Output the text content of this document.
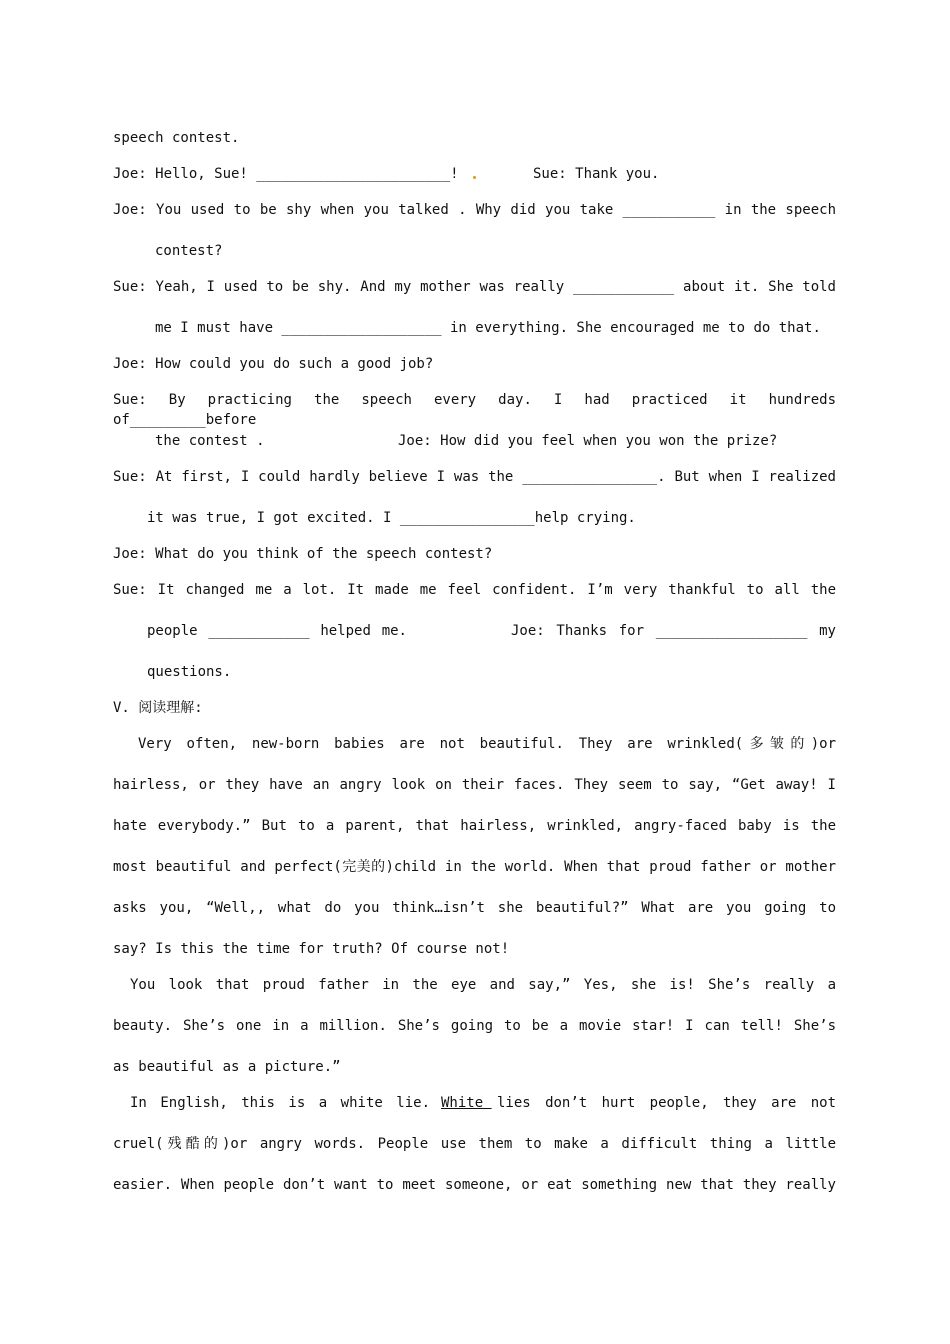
speech contest.
Joe: Hello, Sue! _______________________!	Sue: Thank you.
Joe: You used to be shy when you talked . Why did you take ___________ in the speech
contest?
Sue: Yeah, I used to be shy. And my mother was really ____________ about it. She told
me I must have ___________________ in everything. She encouraged me to do that.
Joe: How could you do such a good job?
Sue: By practicing the speech every day. I had practiced it hundreds of_________before
the contest .	Joe: How did you feel when you won the prize?
Sue: At first, I could hardly believe I was the ________________. But when I realized
it was true, I got excited. I ________________help crying.
Joe: What do you think of the speech contest?
Sue: It changed me a lot. It made me feel confident. I’m very thankful to all the
people ____________ helped me.	Joe: Thanks for __________________ my
questions.
V. 阅读理解:
Very often, new-born babies are not beautiful. They are wrinkled(多皱的)or
hairless, or they have an angry look on their faces. They seem to say, “Get away! I
hate everybody.” But to a parent, that hairless, wrinkled, angry-faced baby is the
most beautiful and perfect(完美的)child in the world. When that proud father or mother
asks you, “Well,, what do you think…isn’t she beautiful?” What are you going to
say? Is this the time for truth? Of course not!
You look that proud father in the eye and say,” Yes, she is! She’s really a
beauty. She’s one in a million. She’s going to be a movie star! I can tell! She’s
as beautiful as a picture.”
In English, this is a white lie. White lies don’t hurt people, they are not
cruel(残酷的)or angry words. People use them to make a difficult thing a little
easier. When people don’t want to meet someone, or eat something new that they really
